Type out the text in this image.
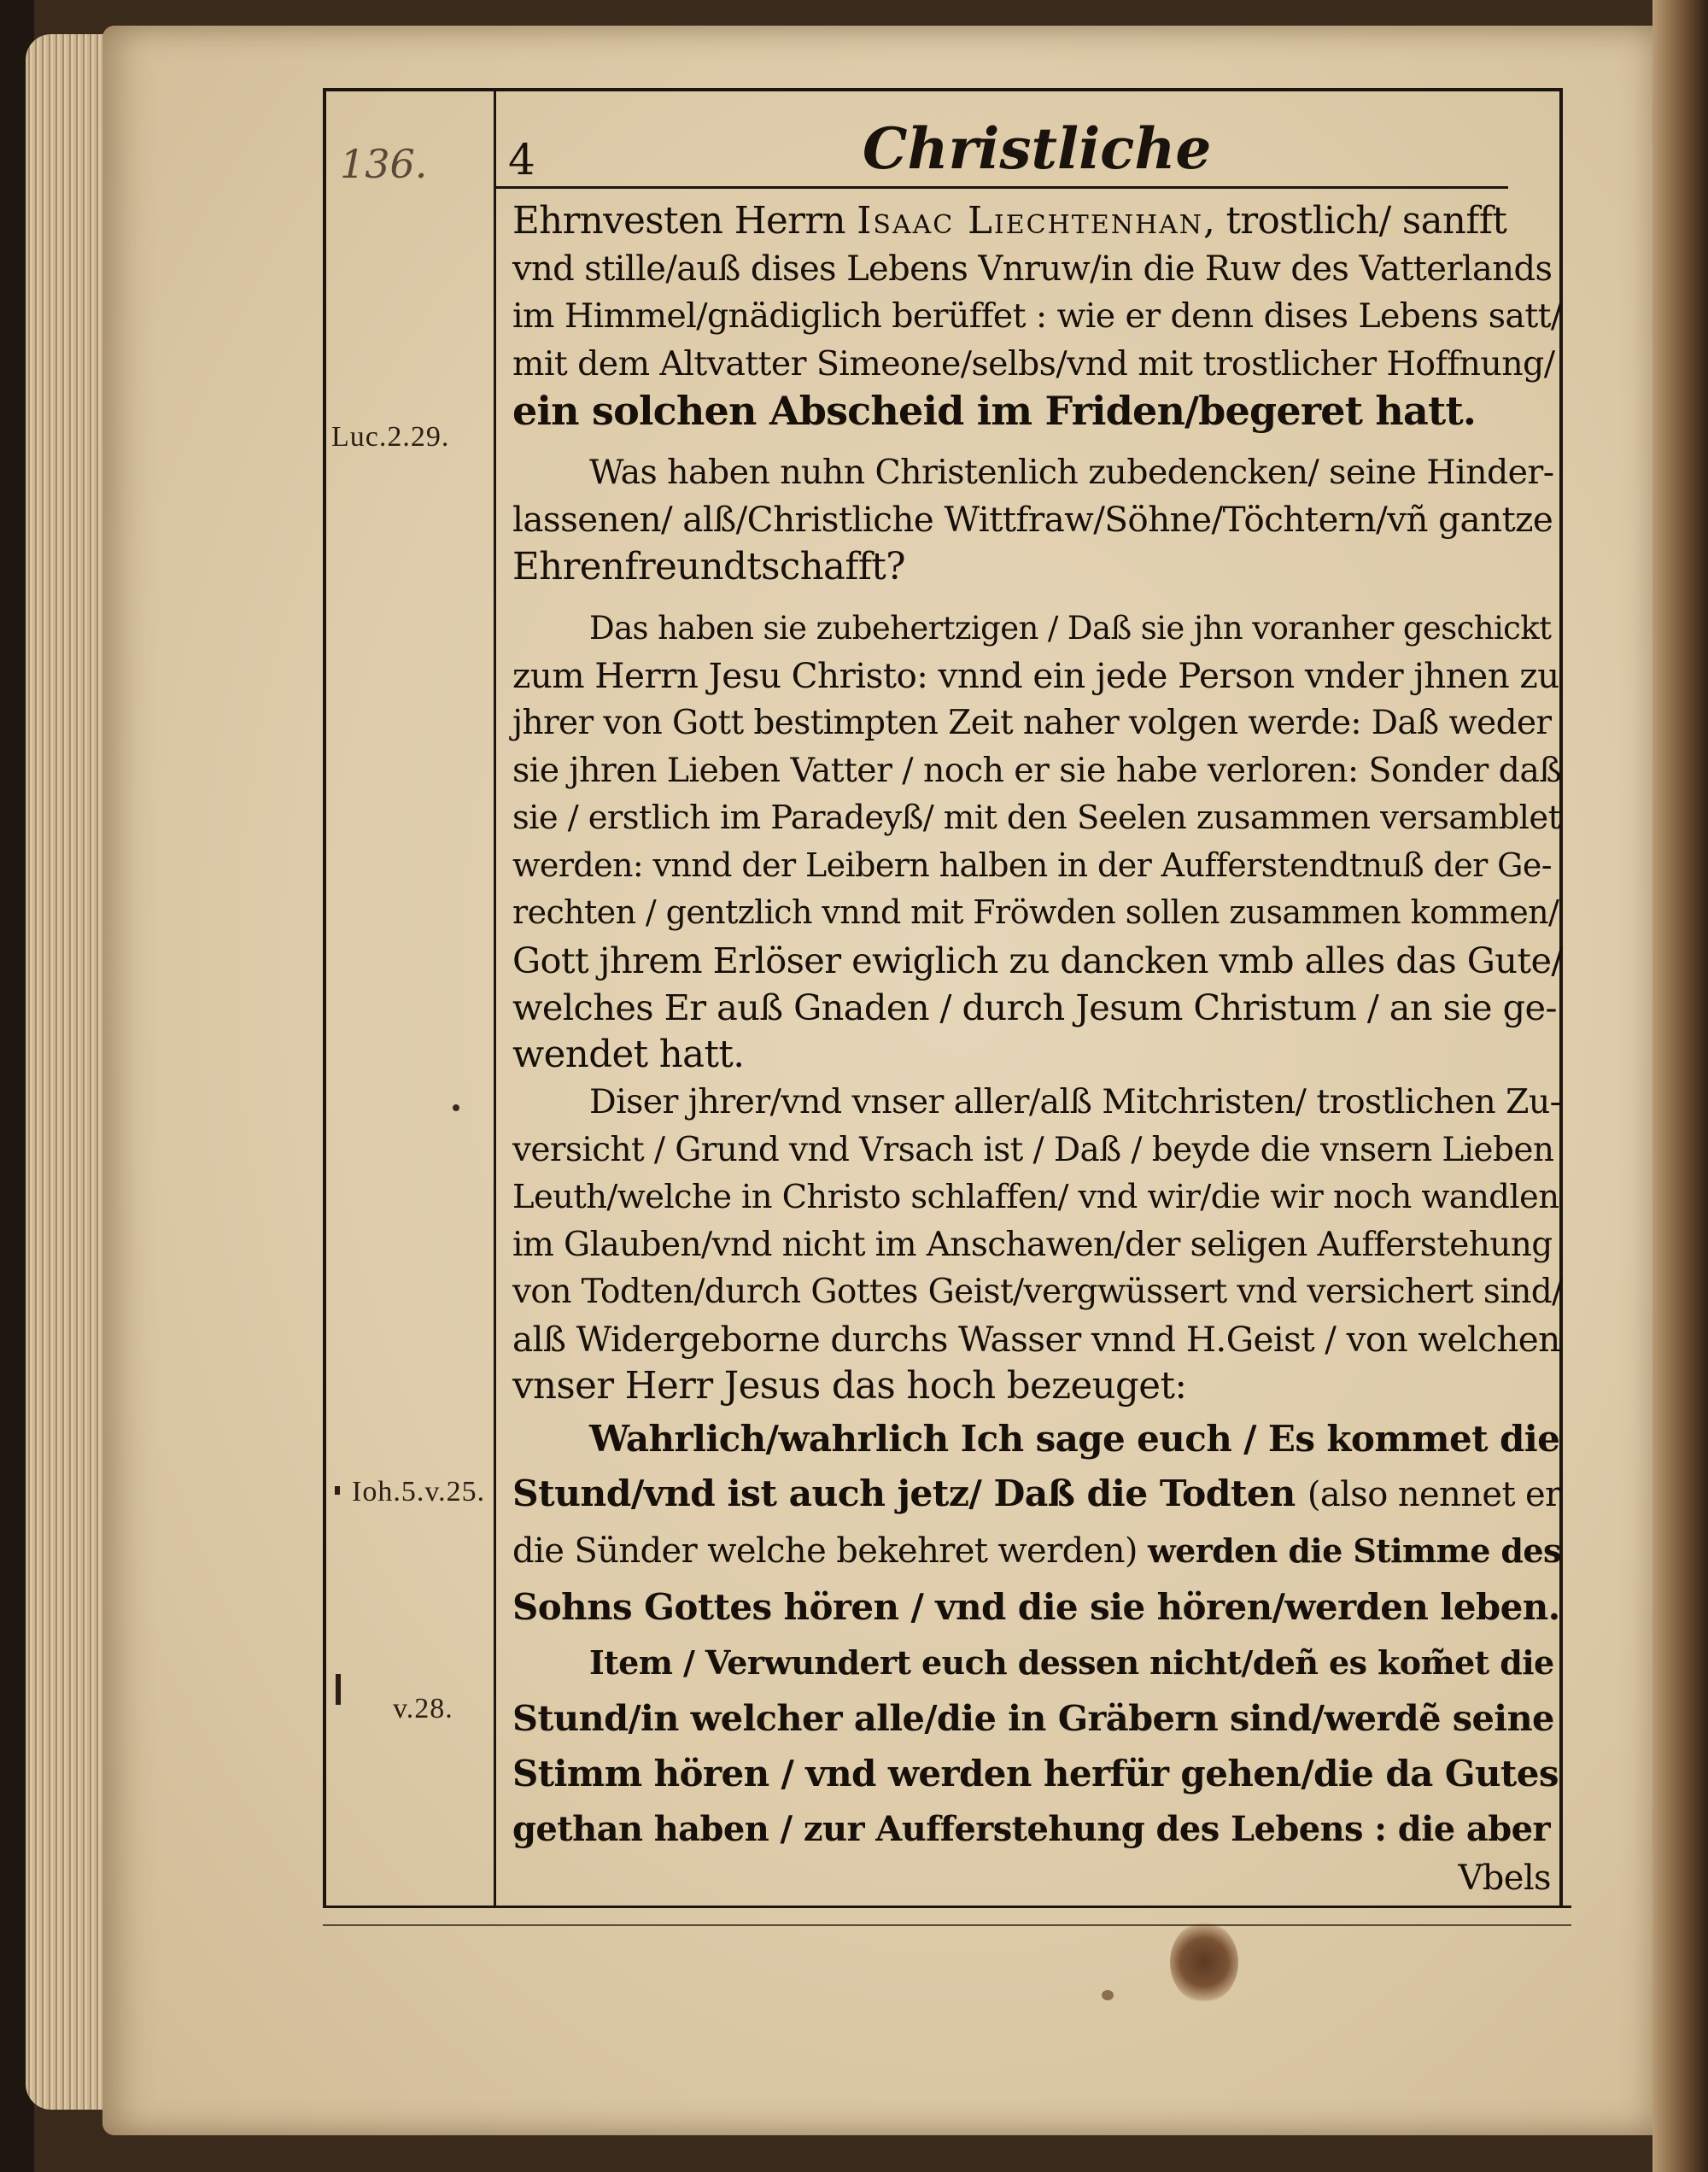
136. 4	Christliche
Luc.2.29.
Ioh.5.v.25.
v.28.
Ehrnvesten Herrn Isaac Liechtenhan, trostlich/ sanfft
vnd stille/auß dises Lebens Vnruw/in die Ruw des Vatterlands
im Himmel/gnädiglich berüffet : wie er denn dises Lebens satt/
mit dem Altvatter Simeone/selbs/vnd mit trostlicher Hoffnung/
ein solchen Abscheid im Friden/begeret hatt.
Was haben nuhn Christenlich zubedencken/ seine Hinder-
lassenen/ alß/Christliche Wittfraw/Söhne/Töchtern/vñ gantze
Ehrenfreundtschafft?
Das haben sie zubehertzigen / Daß sie jhn voranher geschickt
zum Herrn Jesu Christo: vnnd ein jede Person vnder jhnen zu
jhrer von Gott bestimpten Zeit naher volgen werde: Daß weder
sie jhren Lieben Vatter / noch er sie habe verloren: Sonder daß
sie / erstlich im Paradeyß/ mit den Seelen zusammen versamblet
werden: vnnd der Leibern halben in der Aufferstendtnuß der Ge-
rechten / gentzlich vnnd mit Fröwden sollen zusammen kommen/
Gott jhrem Erlöser ewiglich zu dancken vmb alles das Gute/
welches Er auß Gnaden / durch Jesum Christum / an sie ge-
wendet hatt.
Diser jhrer/vnd vnser aller/alß Mitchristen/ trostlichen Zu-
versicht / Grund vnd Vrsach ist / Daß / beyde die vnsern Lieben
Leuth/welche in Christo schlaffen/ vnd wir/die wir noch wandlen
im Glauben/vnd nicht im Anschawen/der seligen Aufferstehung
von Todten/durch Gottes Geist/vergwüssert vnd versichert sind/
alß Widergeborne durchs Wasser vnnd H.Geist / von welchen
vnser Herr Jesus das hoch bezeuget:
Wahrlich/wahrlich Ich sage euch / Es kommet die
Stund/vnd ist auch jetz/ Daß die Todten (also nennet er
die Sünder welche bekehret werden) werden die Stimme des
Sohns Gottes hören / vnd die sie hören/werden leben.
Item / Verwundert euch dessen nicht/deñ es kom̃et die
Stund/in welcher alle/die in Gräbern sind/werdẽ seine
Stimm hören / vnd werden herfür gehen/die da Gutes
gethan haben / zur Aufferstehung des Lebens : die aber
Vbels
